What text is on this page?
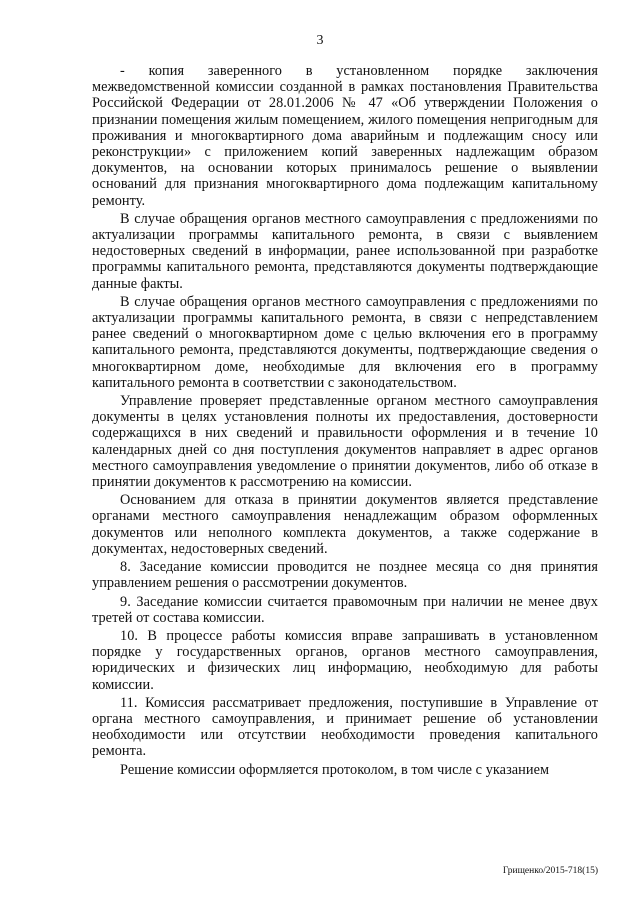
3

- копия заверенного в установленном порядке заключения межведомственной комиссии созданной в рамках постановления Правительства Российской Федерации от 28.01.2006 № 47 «Об утверждении Положения о признании помещения жилым помещением, жилого помещения непригодным для проживания и многоквартирного дома аварийным и подлежащим сносу или реконструкции» с приложением копий заверенных надлежащим образом документов, на основании которых принималось решение о выявлении оснований для признания многоквартирного дома подлежащим капитальному ремонту.

В случае обращения органов местного самоуправления с предложениями по актуализации программы капитального ремонта, в связи с выявлением недостоверных сведений в информации, ранее использованной при разработке программы капитального ремонта, представляются документы подтверждающие данные факты.

В случае обращения органов местного самоуправления с предложениями по актуализации программы капитального ремонта, в связи с непредставлением ранее сведений о многоквартирном доме с целью включения его в программу капитального ремонта, представляются документы, подтверждающие сведения о многоквартирном доме, необходимые для включения его в программу капитального ремонта в соответствии с законодательством.

Управление проверяет представленные органом местного самоуправления документы в целях установления полноты их предоставления, достоверности содержащихся в них сведений и правильности оформления и в течение 10 календарных дней со дня поступления документов направляет в адрес органов местного самоуправления уведомление о принятии документов, либо об отказе в принятии документов к рассмотрению на комиссии.

Основанием для отказа в принятии документов является представление органами местного самоуправления ненадлежащим образом оформленных документов или неполного комплекта документов, а также содержание в документах, недостоверных сведений.

8. Заседание комиссии проводится не позднее месяца со дня принятия управлением решения о рассмотрении документов.

9. Заседание комиссии считается правомочным при наличии не менее двух третей от состава комиссии.

10. В процессе работы комиссия вправе запрашивать в установленном порядке у государственных органов, органов местного самоуправления, юридических и физических лиц информацию, необходимую для работы комиссии.

11. Комиссия рассматривает предложения, поступившие в Управление от органа местного самоуправления, и принимает решение об установлении необходимости или отсутствии необходимости проведения капитального ремонта.

Решение комиссии оформляется протоколом, в том числе с указанием

Грищенко/2015-718(15)
